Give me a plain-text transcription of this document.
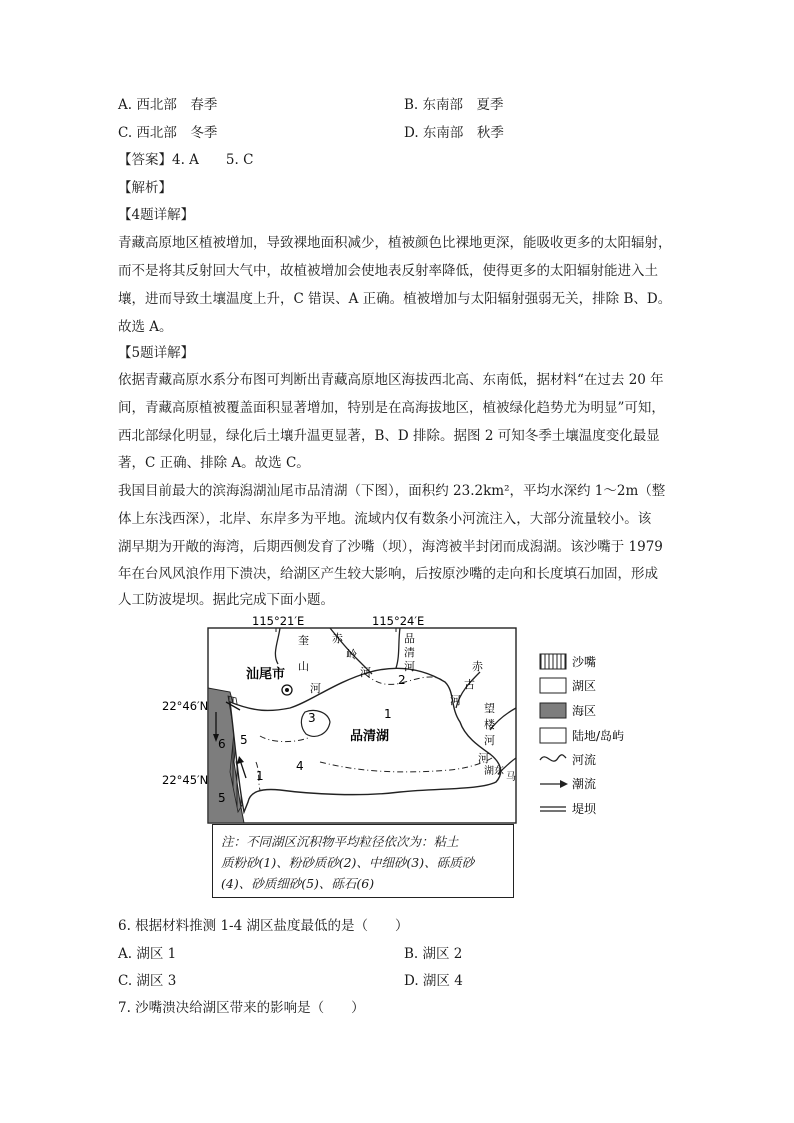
A. 西北部　春季	B. 东南部　夏季
C. 西北部　冬季	D. 东南部　秋季
【答案】4. A　　5. C
【解析】
【4题详解】
青藏高原地区植被增加，导致裸地面积减少，植被颜色比裸地更深，能吸收更多的太阳辐射，
而不是将其反射回大气中，故植被增加会使地表反射率降低，使得更多的太阳辐射能进入土
壤，进而导致土壤温度上升，C 错误、A 正确。植被增加与太阳辐射强弱无关，排除 B、D。
故选 A。
【5题详解】
依据青藏高原水系分布图可判断出青藏高原地区海拔西北高、东南低，据材料“在过去 20 年
间，青藏高原植被覆盖面积显著增加，特别是在高海拔地区，植被绿化趋势尤为明显”可知，
西北部绿化明显，绿化后土壤升温更显著，B、D 排除。据图 2 可知冬季土壤温度变化最显
著，C 正确、排除 A。故选 C。
我国目前最大的滨海潟湖汕尾市品清湖（下图），面积约 23.2km²，平均水深约 1～2m（整
体上东浅西深），北岸、东岸多为平地。流域内仅有数条小河流注入，大部分流量较小。该
湖早期为开敞的海湾，后期西侧发育了沙嘴（坝），海湾被半封闭而成潟湖。该沙嘴于 1979
年在台风风浪作用下溃决，给湖区产生较大影响，后按原沙嘴的走向和长度填石加固，形成
人工防波堤坝。据此完成下面小题。
115°21′E	115°24′E
22°46′N
22°45′N
汕尾市
品清湖
奎
山
河
赤
岭
河
品
清
河	赤
古
河
望
楼
河
河
湖东
马
1
2
3
4
5
1
6
5
沙嘴
湖区
海区
陆地/岛屿
河流
潮流
堤坝
注：不同湖区沉积物平均粒径依次为：粘土
质粉砂(1)、粉砂质砂(2)、中细砂(3)、砾质砂
(4)、砂质细砂(5)、砾石(6)
6. 根据材料推测 1-4 湖区盐度最低的是（　　）
A. 湖区 1	B. 湖区 2
C. 湖区 3	D. 湖区 4
7. 沙嘴溃决给湖区带来的影响是（　　）
